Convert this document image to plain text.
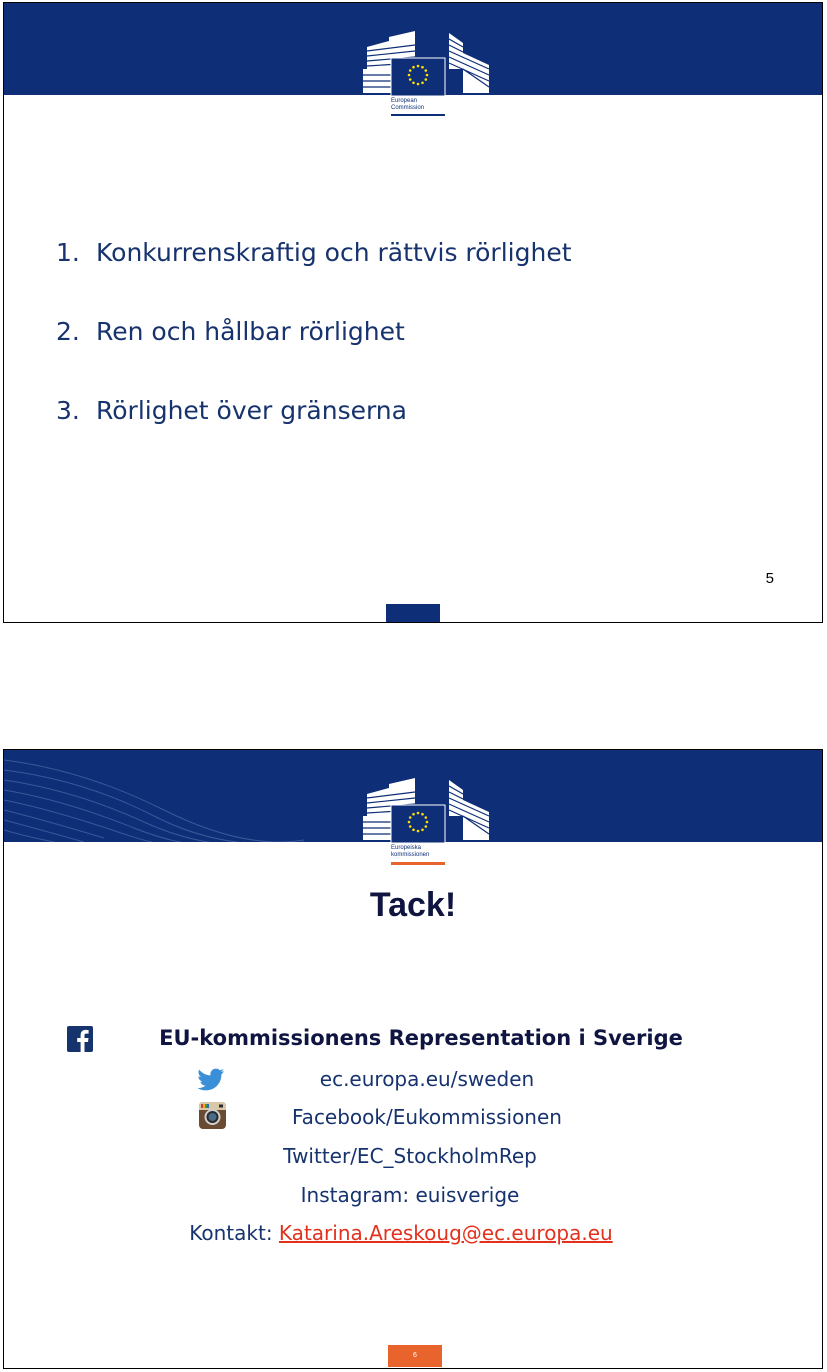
European
Commission
1. Konkurrenskraftig och rättvis rörlighet
2. Ren och hållbar rörlighet
3. Rörlighet över gränserna
5
Europeiska
kommissionen
Tack!
EU-kommissionens Representation i Sverige
ec.europa.eu/sweden
Facebook/Eukommissionen
Twitter/EC_StockholmRep
Instagram: euisverige
Kontakt: Katarina.Areskoug@ec.europa.eu
6
